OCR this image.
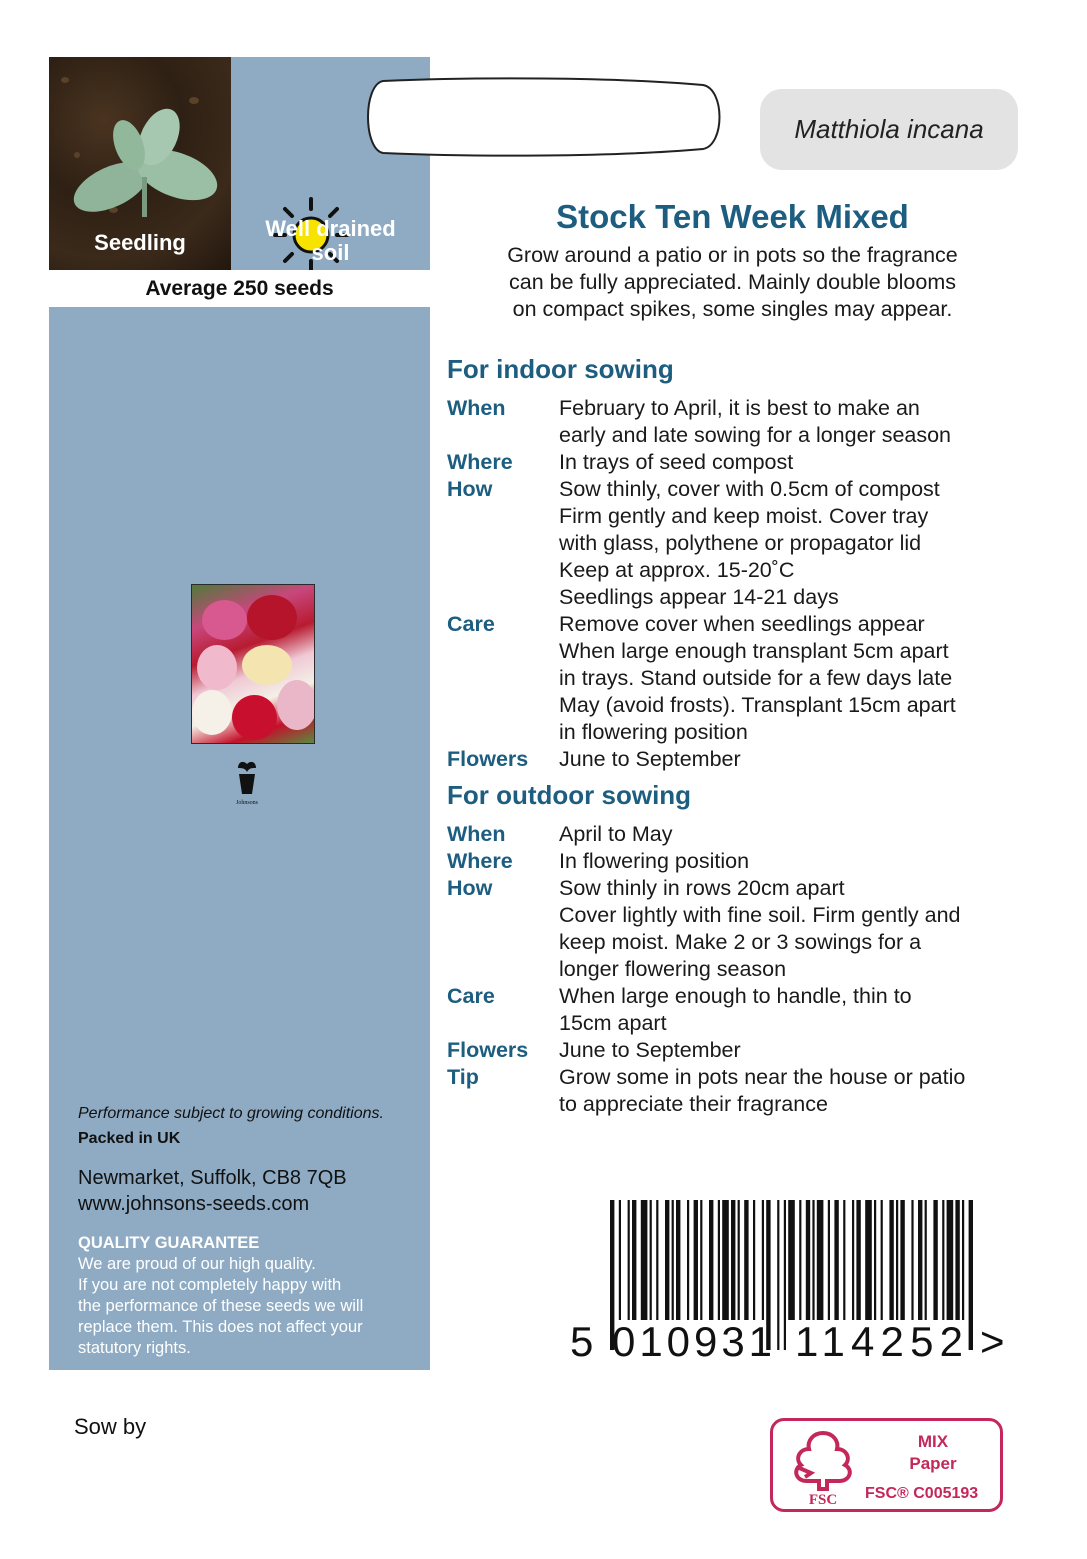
Seedling
Well drained
soil
Average 250 seeds
Johnsons
Performance subject to growing conditions.
Packed in UK
Newmarket, Suffolk, CB8 7QB
www.johnsons-seeds.com
QUALITY GUARANTEE
We are proud of our high quality.
If you are not completely happy with
the performance of these seeds we will
replace them. This does not affect your
statutory rights.
Sow by
Matthiola incana
Stock Ten Week Mixed
Grow around a patio or in pots so the fragrance
can be fully appreciated. Mainly double blooms
on compact spikes, some singles may appear.
For indoor sowing
When	February to April, it is best to make an
early and late sowing for a longer season
Where	In trays of seed compost
How	Sow thinly, cover with 0.5cm of compost
Firm gently and keep moist. Cover tray
with glass, polythene or propagator lid
Keep at approx. 15-20˚C
Seedlings appear 14-21 days
Care	Remove cover when seedlings appear
When large enough transplant 5cm apart
in trays. Stand outside for a few days late
May (avoid frosts). Transplant 15cm apart
in flowering position
Flowers	June to September
For outdoor sowing
When	April to May
Where	In flowering position
How	Sow thinly in rows 20cm apart
Cover lightly with fine soil. Firm gently and
keep moist. Make 2 or 3 sowings for a
longer flowering season
Care	When large enough to handle, thin to
15cm apart
Flowers	June to September
Tip	Grow some in pots near the house or patio
to appreciate their fragrance
5 010931 114252 >
FSC
MIX
Paper
FSC® C005193
